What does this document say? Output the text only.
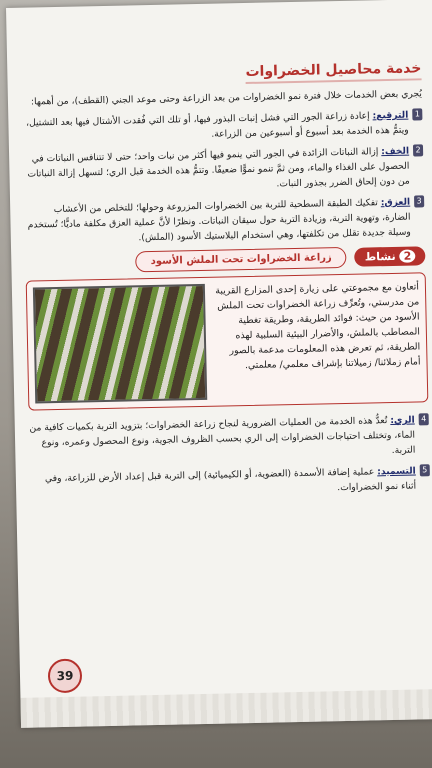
خدمة محاصيل الخضراوات

يُجري بعض الخدمات خلال فترة نمو الخضراوات من بعد الزراعة وحتى موعد الجني (القطف)، من أهمها:

1
الترقيع: إعادة زراعة الجور التي فشل إنبات البذور فيها، أو تلك التي فُقدت الأشتال فيها بعد التشتيل، ويتمُّ هذه الخدمة بعد أسبوع أو أسبوعين من الزراعة.
2
الخف: إزالة النباتات الزائدة في الجور التي ينمو فيها أكثر من نبات واحد؛ حتى لا تتنافس النباتات في الحصول على الغذاء والماء، ومن ثمَّ تنمو نموًّا ضعيفًا. وتتمُّ هذه الخدمة قبل الري؛ لتسهل إزالة النباتات من دون إلحاق الضرر بجذور النبات.
3
العزق: تفكيك الطبقة السطحية للتربة بين الخضراوات المزروعة وحولها؛ للتخلص من الأعشاب الضارة، وتهوية التربة، وزيادة التربة حول سيقان النباتات. ونظرًا لأنَّ عملية العزق مكلفة ماديًّا؛ تُستخدم وسيلة جديدة تقلل من تكلفتها، وهي استخدام البلاستيك الأسود (الملش).
2نشاط
زراعة الخضراوات تحت الملش الأسود
أتعاون مع مجموعتي على زيارة إحدى المزارع القريبة من مدرستي، وتُعرِّف زراعة الخضراوات تحت الملش الأسود من حيث: فوائد الطريقة، وطريقة تغطية المصاطب بالملش، والأضرار البيئية السلبية لهذه الطريقة، ثم تعرض هذه المعلومات مدعمة بالصور أمام زملائنا/ زميلاتنا بإشراف معلمي/ معلمتي.
4
الري: تُعدُّ هذه الخدمة من العمليات الضرورية لنجاح زراعة الخضراوات؛ بتزويد التربة بكميات كافية من الماء، وتختلف احتياجات الخضراوات إلى الري بحسب الظروف الجوية، ونوع المحصول وعمره، ونوع التربة.
5
التسميد: عملية إضافة الأسمدة (العضوية، أو الكيميائية) إلى التربة قبل إعداد الأرض للزراعة، وفي أثناء نمو الخضراوات.
39
